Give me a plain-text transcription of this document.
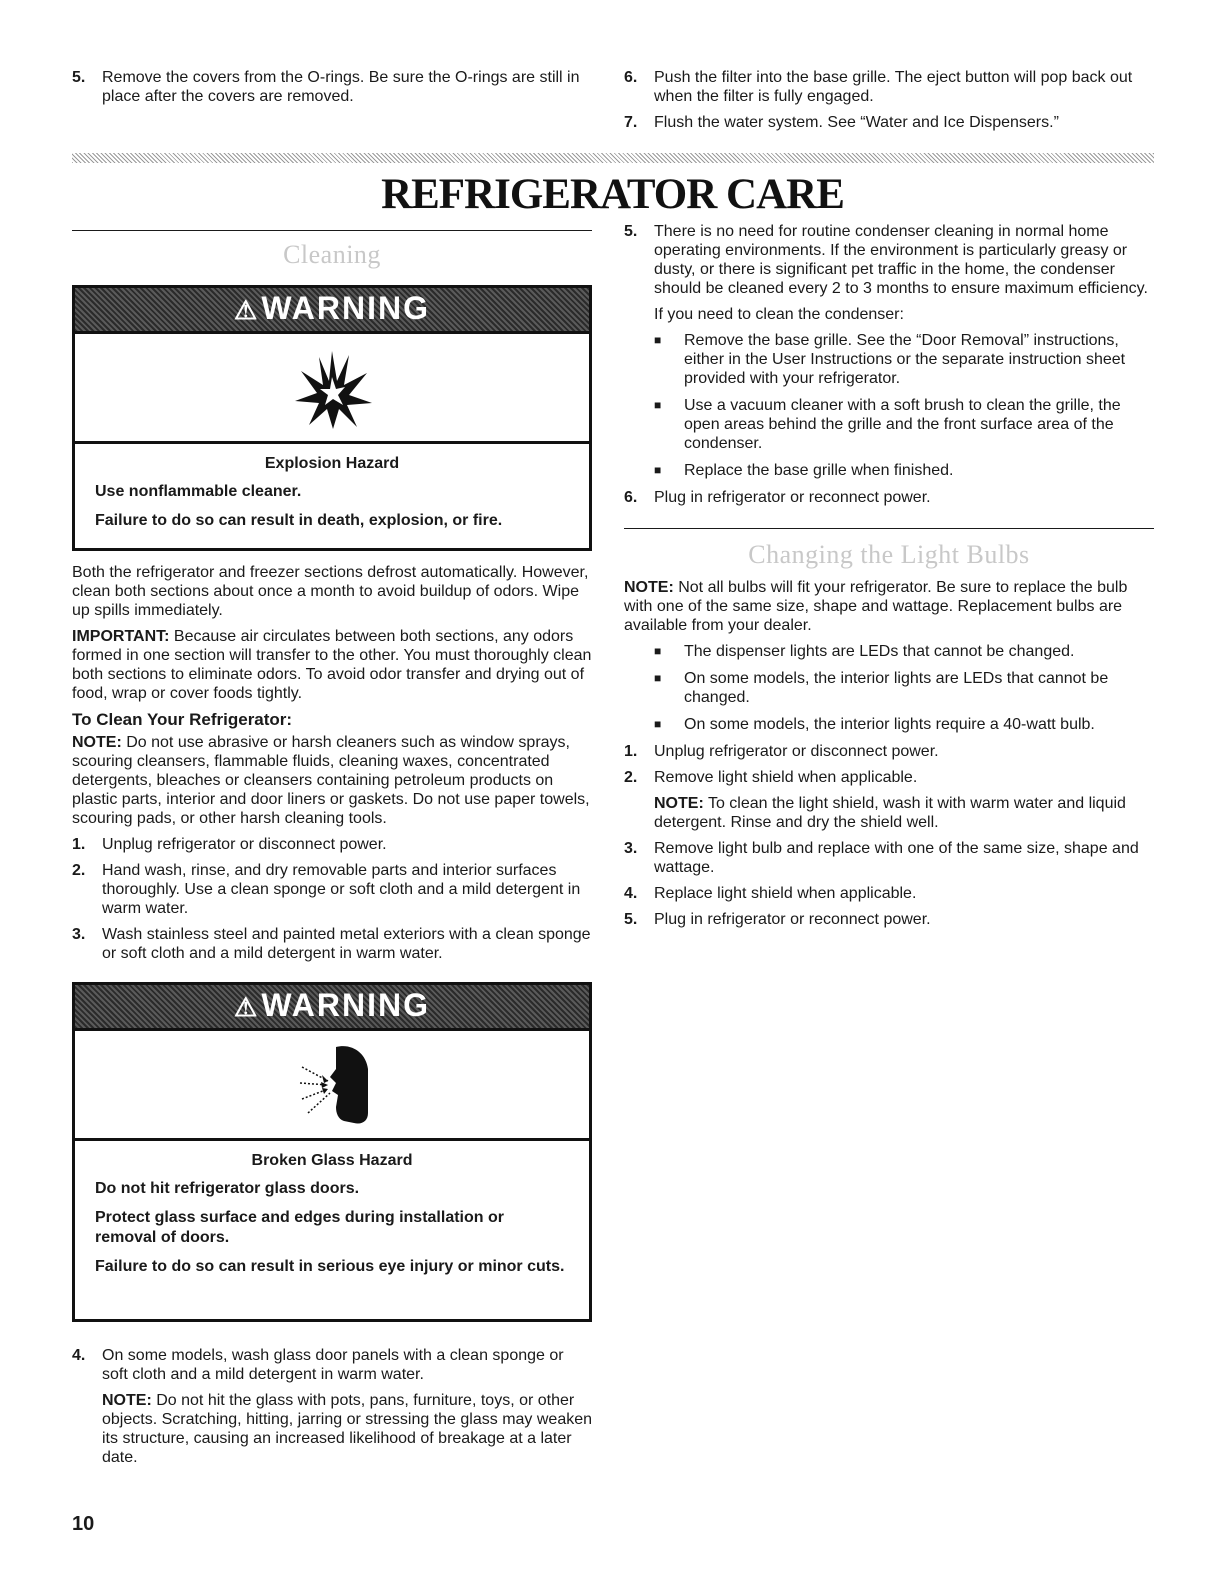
5.	Remove the covers from the O-rings. Be sure the O-rings are still in place after the covers are removed.
6.	Push the filter into the base grille. The eject button will pop back out when the filter is fully engaged.
7.	Flush the water system. See “Water and Ice Dispensers.”
REFRIGERATOR CARE
Cleaning
⚠WARNING
Explosion Hazard

Use nonflammable cleaner.

Failure to do so can result in death, explosion, or fire.

Both the refrigerator and freezer sections defrost automatically. However, clean both sections about once a month to avoid buildup of odors. Wipe up spills immediately.

IMPORTANT: Because air circulates between both sections, any odors formed in one section will transfer to the other. You must thoroughly clean both sections to eliminate odors. To avoid odor transfer and drying out of food, wrap or cover foods tightly.

To Clean Your Refrigerator:

NOTE: Do not use abrasive or harsh cleaners such as window sprays, scouring cleansers, flammable fluids, cleaning waxes, concentrated detergents, bleaches or cleansers containing petroleum products on plastic parts, interior and door liners or gaskets. Do not use paper towels, scouring pads, or other harsh cleaning tools.

1.	Unplug refrigerator or disconnect power.
2.	Hand wash, rinse, and dry removable parts and interior surfaces thoroughly. Use a clean sponge or soft cloth and a mild detergent in warm water.
3.	Wash stainless steel and painted metal exteriors with a clean sponge or soft cloth and a mild detergent in warm water.
⚠WARNING
Broken Glass Hazard

Do not hit refrigerator glass doors.

Protect glass surface and edges during installation or removal of doors.

Failure to do so can result in serious eye injury or minor cuts.

4.	On some models, wash glass door panels with a clean sponge or soft cloth and a mild detergent in warm water.

NOTE: Do not hit the glass with pots, pans, furniture, toys, or other objects. Scratching, hitting, jarring or stressing the glass may weaken its structure, causing an increased likelihood of breakage at a later date.

5.	There is no need for routine condenser cleaning in normal home operating environments. If the environment is particularly greasy or dusty, or there is significant pet traffic in the home, the condenser should be cleaned every 2 to 3 months to ensure maximum efficiency.

If you need to clean the condenser:

■	Remove the base grille. See the “Door Removal” instructions, either in the User Instructions or the separate instruction sheet provided with your refrigerator.
■	Use a vacuum cleaner with a soft brush to clean the grille, the open areas behind the grille and the front surface area of the condenser.
■	Replace the base grille when finished.
6.	Plug in refrigerator or reconnect power.
Changing the Light Bulbs

NOTE: Not all bulbs will fit your refrigerator. Be sure to replace the bulb with one of the same size, shape and wattage. Replacement bulbs are available from your dealer.

■	The dispenser lights are LEDs that cannot be changed.
■	On some models, the interior lights are LEDs that cannot be changed.
■	On some models, the interior lights require a 40-watt bulb.
1.	Unplug refrigerator or disconnect power.
2.	Remove light shield when applicable.

NOTE: To clean the light shield, wash it with warm water and liquid detergent. Rinse and dry the shield well.

3.	Remove light bulb and replace with one of the same size, shape and wattage.
4.	Replace light shield when applicable.
5.	Plug in refrigerator or reconnect power.
10
